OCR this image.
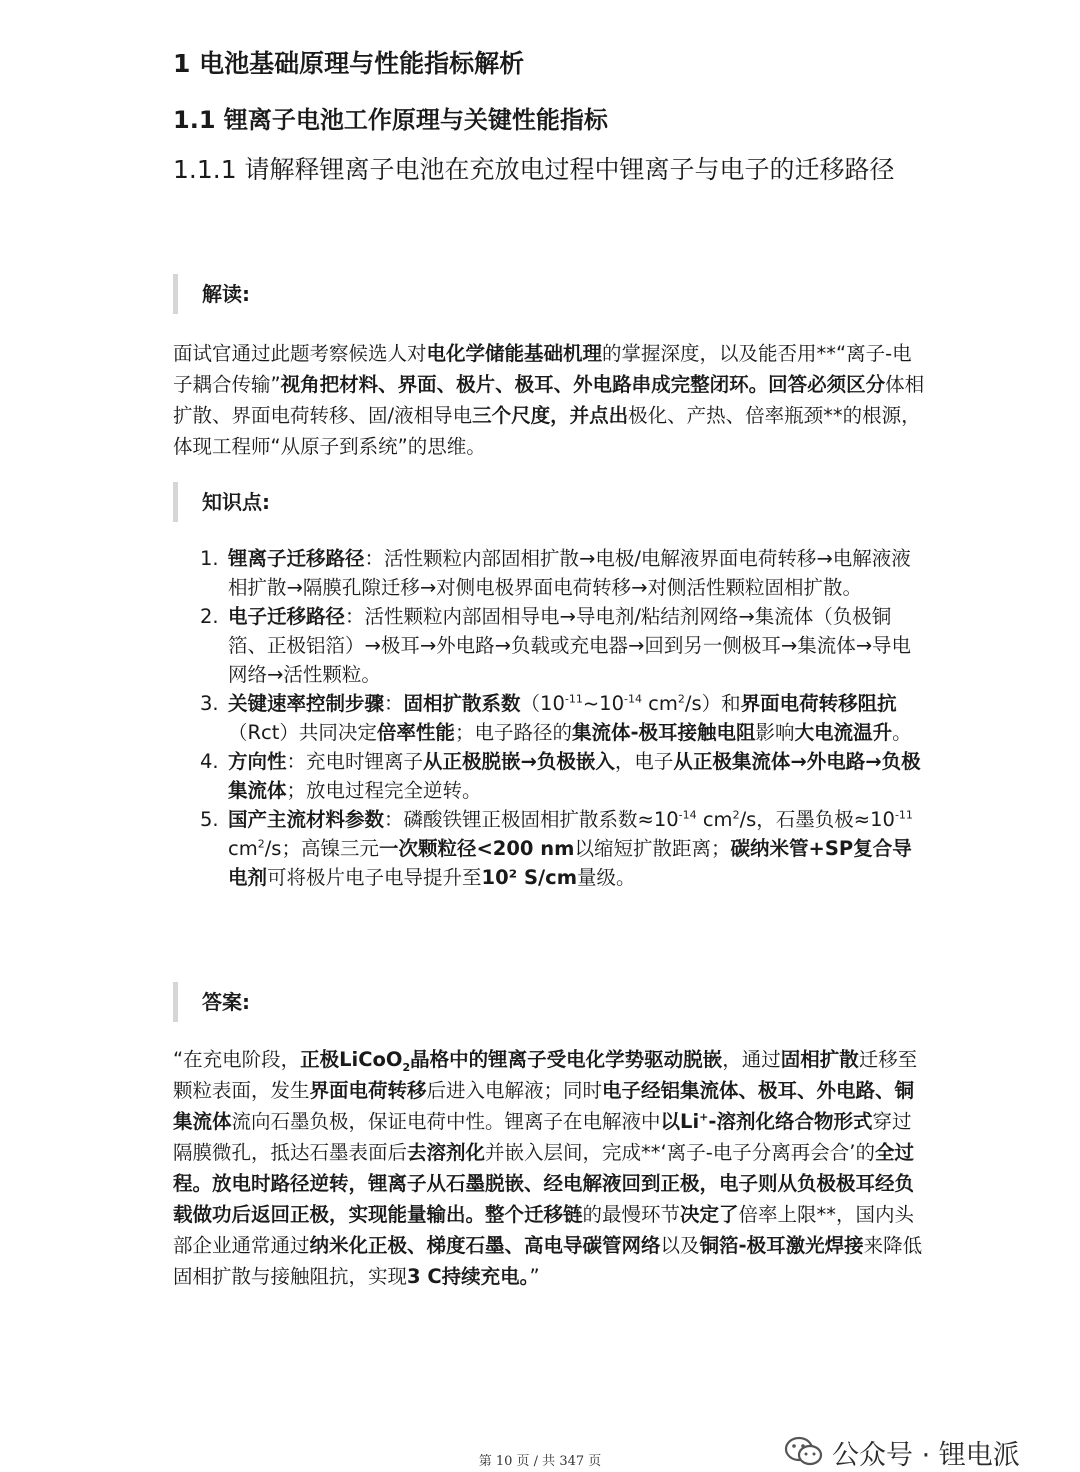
1 电池基础原理与性能指标解析
1.1 锂离子电池工作原理与关键性能指标
1.1.1 请解释锂离子电池在充放电过程中锂离子与电子的迁移路径
解读:

面试官通过此题考察候选人对电化学储能基础机理的掌握深度，以及能否用**“离子-电子耦合传输”视角把材料、界面、极片、极耳、外电路串成完整闭环。回答必须区分体相扩散、界面电荷转移、固/液相导电三个尺度，并点出极化、产热、倍率瓶颈**的根源，体现工程师“从原子到系统”的思维。

知识点:
1. 锂离子迁移路径：活性颗粒内部固相扩散→电极/电解液界面电荷转移→电解液液相扩散→隔膜孔隙迁移→对侧电极界面电荷转移→对侧活性颗粒固相扩散。
2. 电子迁移路径：活性颗粒内部固相导电→导电剂/粘结剂网络→集流体（负极铜箔、正极铝箔）→极耳→外电路→负载或充电器→回到另一侧极耳→集流体→导电网络→活性颗粒。
3. 关键速率控制步骤：固相扩散系数（$10^{-11}\sim 10^{-14}$ $cm^2/s$）和界面电荷转移阻抗（Rct）共同决定倍率性能；电子路径的集流体-极耳接触电阻影响大电流温升。
4. 方向性：充电时锂离子从正极脱嵌→负极嵌入，电子从正极集流体→外电路→负极集流体；放电过程完全逆转。
5. 国产主流材料参数：磷酸铁锂正极固相扩散系数$\approx 10^{-14}$ $cm^2/s$，石墨负极$\approx 10^{-11}$ $cm^2/s$；高镍三元一次颗粒径<200 nm以缩短扩散距离；碳纳米管+SP复合导电剂可将极片电子电导提升至10² S/cm量级。
答案:

“在充电阶段，正极LiCoO$_2$晶格中的锂离子受电化学势驱动脱嵌，通过固相扩散迁移至颗粒表面，发生界面电荷转移后进入电解液；同时电子经铝集流体、极耳、外电路、铜集流体流向石墨负极，保证电荷中性。锂离子在电解液中以Li+-溶剂化络合物形式穿过隔膜微孔，抵达石墨表面后去溶剂化并嵌入层间，完成**‘离子-电子分离再会合’的全过程。放电时路径逆转，锂离子从石墨脱嵌、经电解液回到正极，电子则从负极极耳经负载做功后返回正极，实现能量输出。整个迁移链的最慢环节决定了倍率上限**，国内头部企业通常通过纳米化正极、梯度石墨、高电导碳管网络以及铜箔-极耳激光焊接来降低固相扩散与接触阻抗，实现3 C持续充电。”

第 10 页 / 共 347 页	公众号 · 锂电派
